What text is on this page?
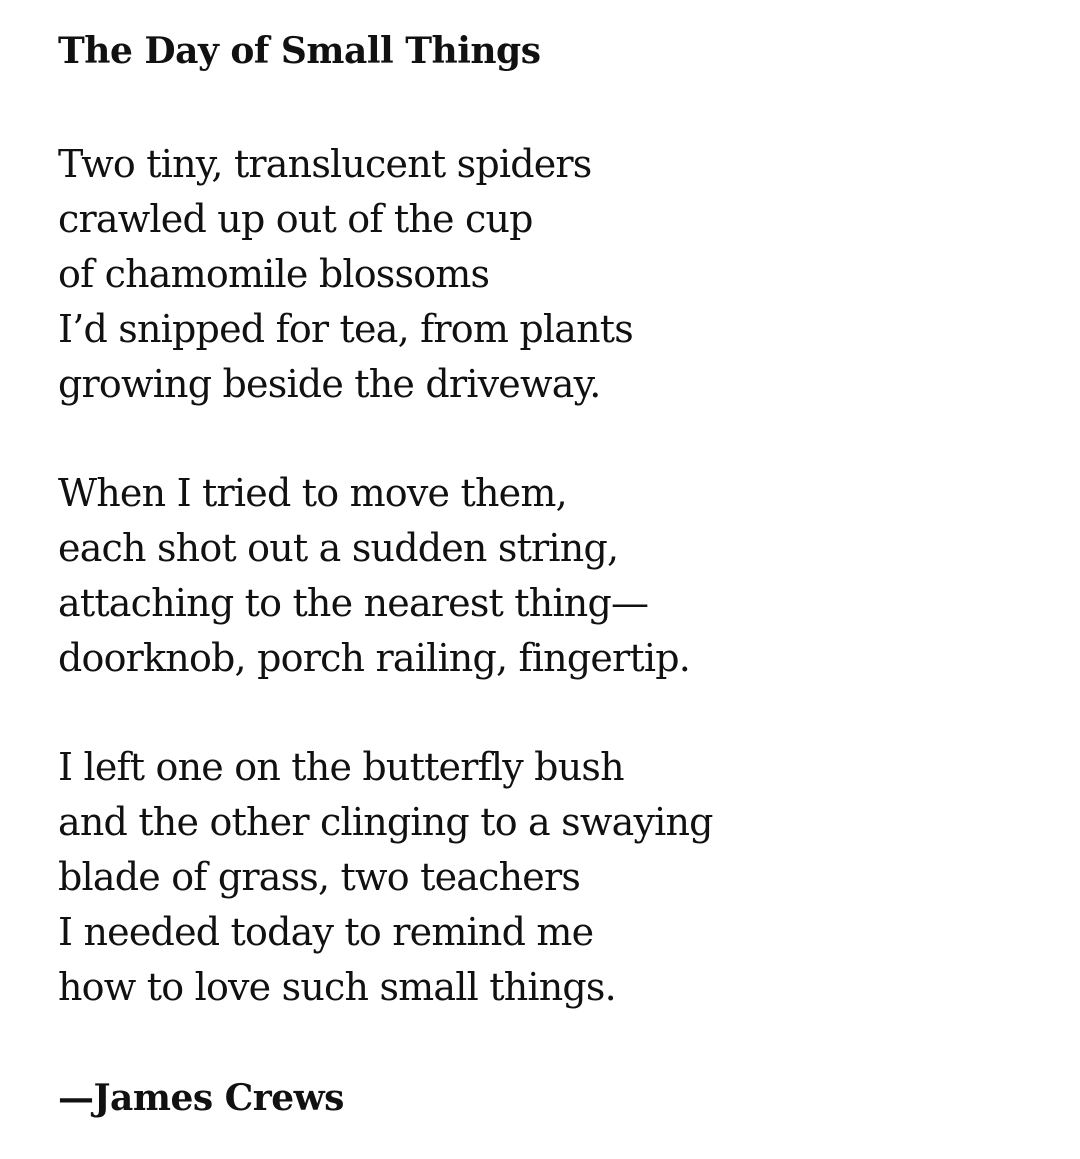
The Day of Small Things
Two tiny, translucent spiders
crawled up out of the cup
of chamomile blossoms
I’d snipped for tea, from plants
growing beside the driveway.
When I tried to move them,
each shot out a sudden string,
attaching to the nearest thing—
doorknob, porch railing, fingertip.
I left one on the butterfly bush
and the other clinging to a swaying
blade of grass, two teachers
I needed today to remind me
how to love such small things.
—James Crews
